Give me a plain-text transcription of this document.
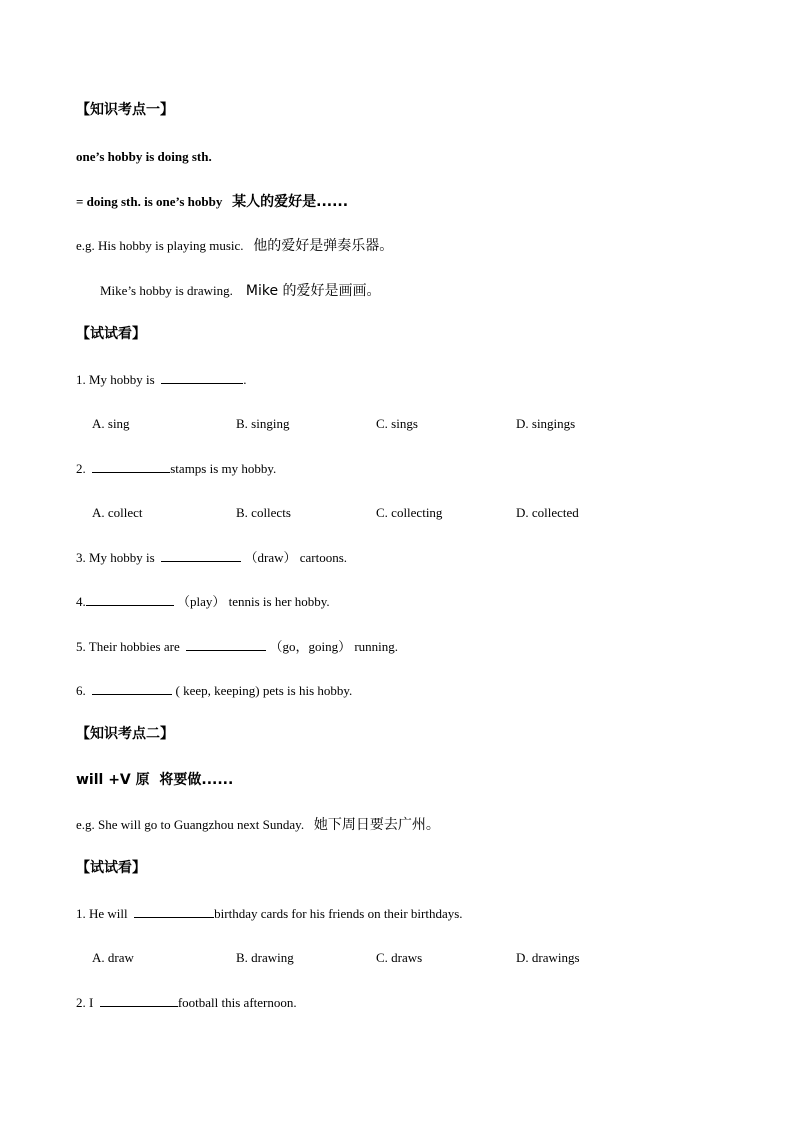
【知识考点一】
one’s hobby is doing sth.
= doing sth. is one’s hobby 某人的爱好是......
e.g. His hobby is playing music. 他的爱好是弹奏乐器。
Mike’s hobby is drawing. Mike 的爱好是画画。
【试试看】
1. My hobby is	.
A. sing	B. singing	C. sings	D. singings
2.	stamps is my hobby.
A. collect	B. collects	C. collecting	D. collected
3. My hobby is	（draw） cartoons.
4.	（play） tennis is her hobby.
5. Their hobbies are	（go，going） running.
6.	( keep, keeping) pets is his hobby.
【知识考点二】
will +V 原 将要做......
e.g. She will go to Guangzhou next Sunday. 她下周日要去广州。
【试试看】
1. He will	birthday cards for his friends on their birthdays.
A. draw	B. drawing	C. draws	D. drawings
2. I	football this afternoon.
